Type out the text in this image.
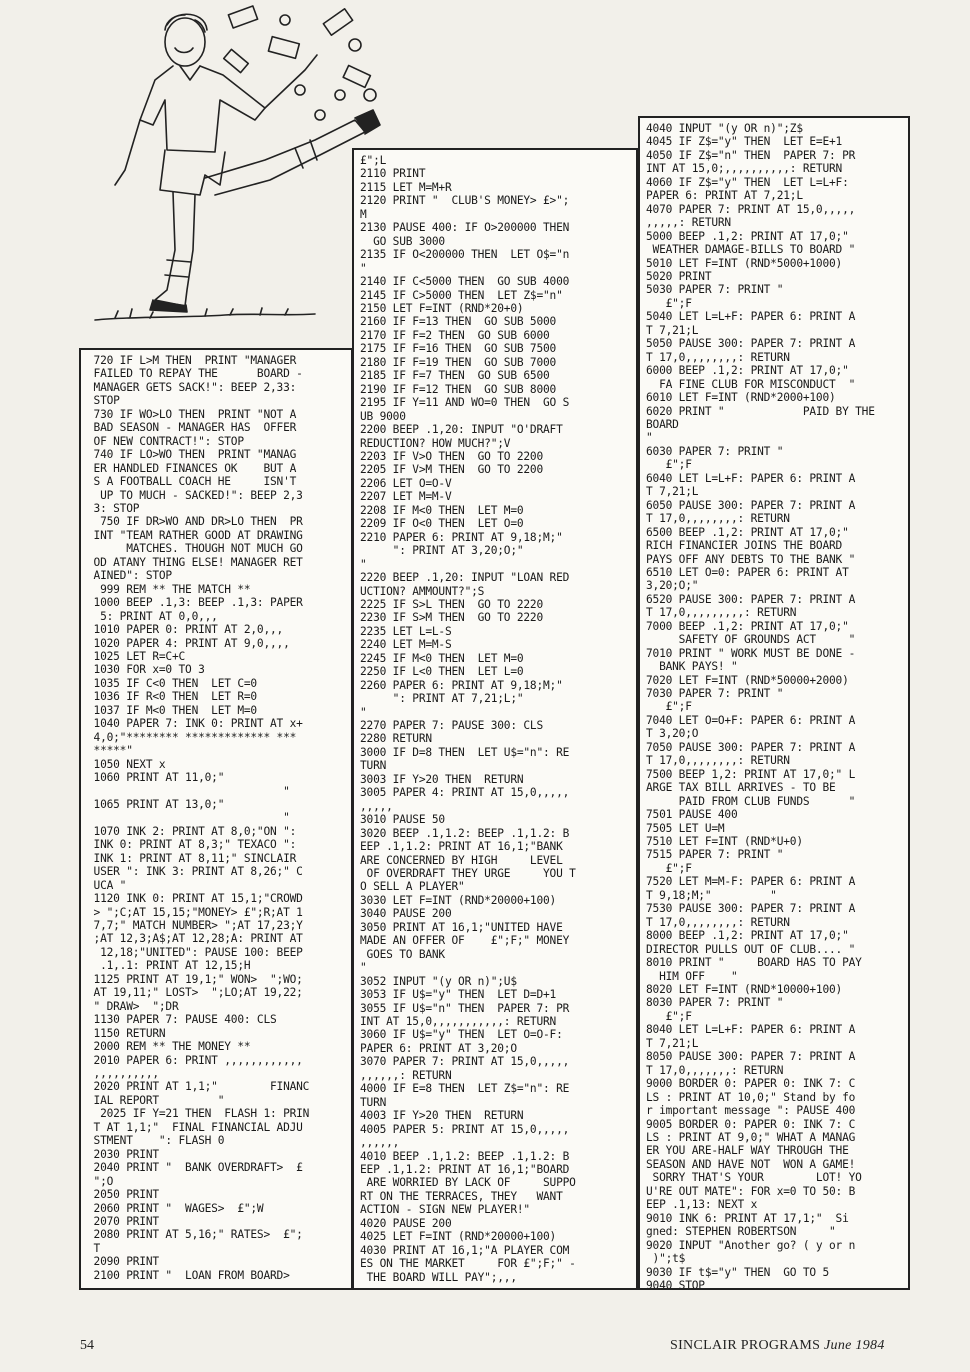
720 IF L>M THEN  PRINT "MANAGER
FAILED TO REPAY THE      BOARD -
MANAGER GETS SACK!": BEEP 2,33:
STOP
730 IF WO>LO THEN  PRINT "NOT A
BAD SEASON - MANAGER HAS  OFFER
OF NEW CONTRACT!": STOP
740 IF LO>WO THEN  PRINT "MANAG
ER HANDLED FINANCES OK    BUT A
S A FOOTBALL COACH HE     ISN'T
UP TO MUCH - SACKED!": BEEP 2,3
3: STOP
750 IF DR>WO AND DR>LO THEN  PR
INT "TEAM RATHER GOOD AT DRAWING
MATCHES. THOUGH NOT MUCH GO
OD ATANY THING ELSE! MANAGER RET
AINED": STOP
999 REM ** THE MATCH **
1000 BEEP .1,3: BEEP .1,3: PAPER
5: PRINT AT 0,0,,,
1010 PAPER 0: PRINT AT 2,0,,,
1020 PAPER 4: PRINT AT 9,0,,,,
1025 LET R=C+C
1030 FOR x=0 TO 3
1035 IF C<0 THEN  LET C=0
1036 IF R<0 THEN  LET R=0
1037 IF M<0 THEN  LET M=0
1040 PAPER 7: INK 0: PRINT AT x+
4,0;"******** ************* ***
*****"
1050 NEXT x
1060 PRINT AT 11,0;"
"
1065 PRINT AT 13,0;"
"
1070 INK 2: PRINT AT 8,0;"ON ":
INK 0: PRINT AT 8,3;" TEXACO ":
INK 1: PRINT AT 8,11;" SINCLAIR
USER ": INK 3: PRINT AT 8,26;" C
UCA "
1120 INK 0: PRINT AT 15,1;"CROWD
> ";C;AT 15,15;"MONEY> £";R;AT 1
7,7;" MATCH NUMBER> ";AT 17,23;Y
;AT 12,3;A$;AT 12,28;A: PRINT AT
12,18;"UNITED": PAUSE 100: BEEP
.1,.1: PRINT AT 12,15;H
1125 PRINT AT 19,1;" WON>  ";WO;
AT 19,11;" LOST>  ";LO;AT 19,22;
" DRAW>  ";DR
1130 PAPER 7: PAUSE 400: CLS
1150 RETURN
2000 REM ** THE MONEY **
2010 PAPER 6: PRINT ,,,,,,,,,,,,
,,,,,,,,,,
2020 PRINT AT 1,1;"        FINANC
IAL REPORT         "
2025 IF Y=21 THEN  FLASH 1: PRIN
T AT 1,1;"  FINAL FINANCIAL ADJU
STMENT    ": FLASH 0
2030 PRINT
2040 PRINT "  BANK OVERDRAFT>  £
";O
2050 PRINT
2060 PRINT "  WAGES>  £";W
2070 PRINT
2080 PRINT AT 5,16;" RATES>  £";
T
2090 PRINT
2100 PRINT "  LOAN FROM BOARD>
£";L
2110 PRINT
2115 LET M=M+R
2120 PRINT "  CLUB'S MONEY> £>";
M
2130 PAUSE 400: IF O>200000 THEN
GO SUB 3000
2135 IF O<200000 THEN  LET O$="n
"
2140 IF C<5000 THEN  GO SUB 4000
2145 IF C>5000 THEN  LET Z$="n"
2150 LET F=INT (RND*20+0)
2160 IF F=13 THEN  GO SUB 5000
2170 IF F=2 THEN  GO SUB 6000
2175 IF F=16 THEN  GO SUB 7500
2180 IF F=19 THEN  GO SUB 7000
2185 IF F=7 THEN  GO SUB 6500
2190 IF F=12 THEN  GO SUB 8000
2195 IF Y=11 AND WO=0 THEN  GO S
UB 9000
2200 BEEP .1,20: INPUT "O'DRAFT
REDUCTION? HOW MUCH?";V
2203 IF V>O THEN  GO TO 2200
2205 IF V>M THEN  GO TO 2200
2206 LET O=O-V
2207 LET M=M-V
2208 IF M<0 THEN  LET M=0
2209 IF O<0 THEN  LET O=0
2210 PAPER 6: PRINT AT 9,18;M;"
": PRINT AT 3,20;O;"
"
2220 BEEP .1,20: INPUT "LOAN RED
UCTION? AMMOUNT?";S
2225 IF S>L THEN  GO TO 2220
2230 IF S>M THEN  GO TO 2220
2235 LET L=L-S
2240 LET M=M-S
2245 IF M<0 THEN  LET M=0
2250 IF L<0 THEN  LET L=0
2260 PAPER 6: PRINT AT 9,18;M;"
": PRINT AT 7,21;L;"
"
2270 PAPER 7: PAUSE 300: CLS
2280 RETURN
3000 IF D=8 THEN  LET U$="n": RE
TURN
3003 IF Y>20 THEN  RETURN
3005 PAPER 4: PRINT AT 15,0,,,,,
,,,,,
3010 PAUSE 50
3020 BEEP .1,1.2: BEEP .1,1.2: B
EEP .1,1.2: PRINT AT 16,1;"BANK
ARE CONCERNED BY HIGH     LEVEL
OF OVERDRAFT THEY URGE     YOU T
O SELL A PLAYER"
3030 LET F=INT (RND*20000+100)
3040 PAUSE 200
3050 PRINT AT 16,1;"UNITED HAVE
MADE AN OFFER OF    £";F;" MONEY
GOES TO BANK
"
3052 INPUT "(y OR n)";U$
3053 IF U$="y" THEN  LET D=D+1
3055 IF U$="n" THEN  PAPER 7: PR
INT AT 15,0,,,,,,,,,,,: RETURN
3060 IF U$="y" THEN  LET O=O-F:
PAPER 6: PRINT AT 3,20;O
3070 PAPER 7: PRINT AT 15,0,,,,,
,,,,,,: RETURN
4000 IF E=8 THEN  LET Z$="n": RE
TURN
4003 IF Y>20 THEN  RETURN
4005 PAPER 5: PRINT AT 15,0,,,,,
,,,,,,
4010 BEEP .1,1.2: BEEP .1,1.2: B
EEP .1,1.2: PRINT AT 16,1;"BOARD
ARE WORRIED BY LACK OF     SUPPO
RT ON THE TERRACES, THEY   WANT
ACTION - SIGN NEW PLAYER!"
4020 PAUSE 200
4025 LET F=INT (RND*20000+100)
4030 PRINT AT 16,1;"A PLAYER COM
ES ON THE MARKET     FOR £";F;" -
THE BOARD WILL PAY";,,,
4040 INPUT "(y OR n)";Z$
4045 IF Z$="y" THEN  LET E=E+1
4050 IF Z$="n" THEN  PAPER 7: PR
INT AT 15,0;,,,,,,,,,,: RETURN
4060 IF Z$="y" THEN  LET L=L+F:
PAPER 6: PRINT AT 7,21;L
4070 PAPER 7: PRINT AT 15,0,,,,,
,,,,,: RETURN
5000 BEEP .1,2: PRINT AT 17,0;"
WEATHER DAMAGE-BILLS TO BOARD "
5010 LET F=INT (RND*5000+1000)
5020 PRINT
5030 PAPER 7: PRINT "
£";F
5040 LET L=L+F: PAPER 6: PRINT A
T 7,21;L
5050 PAUSE 300: PAPER 7: PRINT A
T 17,0,,,,,,,,: RETURN
6000 BEEP .1,2: PRINT AT 17,0;"
FA FINE CLUB FOR MISCONDUCT  "
6010 LET F=INT (RND*2000+100)
6020 PRINT "            PAID BY THE
BOARD
"
6030 PAPER 7: PRINT "
£";F
6040 LET L=L+F: PAPER 6: PRINT A
T 7,21;L
6050 PAUSE 300: PAPER 7: PRINT A
T 17,0,,,,,,,,: RETURN
6500 BEEP .1,2: PRINT AT 17,0;"
RICH FINANCIER JOINS THE BOARD
PAYS OFF ANY DEBTS TO THE BANK "
6510 LET O=0: PAPER 6: PRINT AT
3,20;O;"
6520 PAUSE 300: PAPER 7: PRINT A
T 17,0,,,,,,,,,: RETURN
7000 BEEP .1,2: PRINT AT 17,0;"
SAFETY OF GROUNDS ACT     "
7010 PRINT " WORK MUST BE DONE -
BANK PAYS! "
7020 LET F=INT (RND*50000+2000)
7030 PAPER 7: PRINT "
£";F
7040 LET O=O+F: PAPER 6: PRINT A
T 3,20;O
7050 PAUSE 300: PAPER 7: PRINT A
T 17,0,,,,,,,,: RETURN
7500 BEEP 1,2: PRINT AT 17,0;" L
ARGE TAX BILL ARRIVES - TO BE
PAID FROM CLUB FUNDS      "
7501 PAUSE 400
7505 LET U=M
7510 LET F=INT (RND*U+0)
7515 PAPER 7: PRINT "
£";F
7520 LET M=M-F: PAPER 6: PRINT A
T 9,18;M;"         "
7530 PAUSE 300: PAPER 7: PRINT A
T 17,0,,,,,,,,: RETURN
8000 BEEP .1,2: PRINT AT 17,0;"
DIRECTOR PULLS OUT OF CLUB.... "
8010 PRINT "     BOARD HAS TO PAY
HIM OFF    "
8020 LET F=INT (RND*10000+100)
8030 PAPER 7: PRINT "
£";F
8040 LET L=L+F: PAPER 6: PRINT A
T 7,21;L
8050 PAUSE 300: PAPER 7: PRINT A
T 17,0,,,,,,,: RETURN
9000 BORDER 0: PAPER 0: INK 7: C
LS : PRINT AT 10,0;" Stand by fo
r important message ": PAUSE 400
9005 BORDER 0: PAPER 0: INK 7: C
LS : PRINT AT 9,0;" WHAT A MANAG
ER YOU ARE-HALF WAY THROUGH THE
SEASON AND HAVE NOT  WON A GAME!
SORRY THAT'S YOUR        LOT! YO
U'RE OUT MATE": FOR x=0 TO 50: B
EEP .1,13: NEXT x
9010 INK 6: PRINT AT 17,1;"  Si
gned: STEPHEN ROBERTSON     "
9020 INPUT "Another go? ( y or n
)";t$
9030 IF t$="y" THEN  GO TO 5
9040 STOP
54	SINCLAIR PROGRAMS June 1984
